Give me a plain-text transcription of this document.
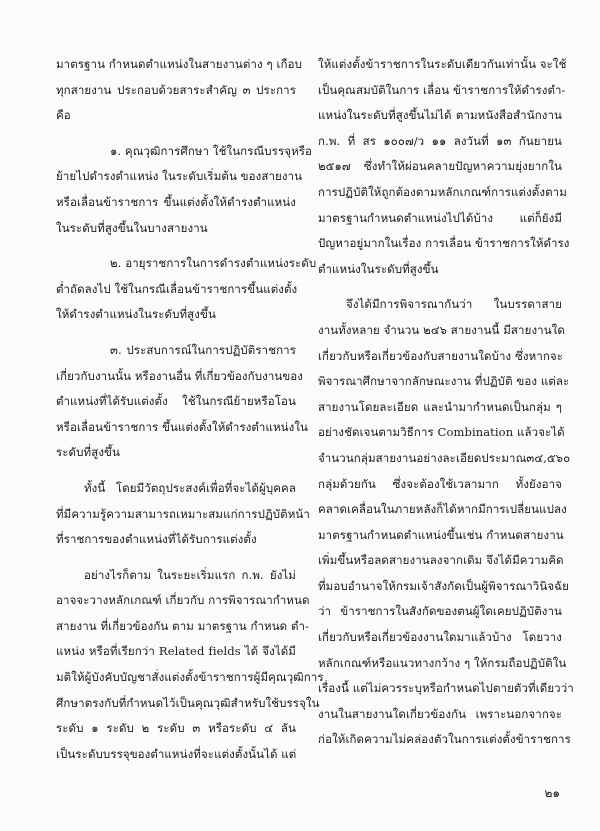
มาตรฐาน กำหนดตำแหน่งในสายงานต่าง ๆ เกือบ
ทุกสายงาน ประกอบด้วยสาระสำคัญ ๓ ประการ
คือ
๑. คุณวุฒิการศึกษา ใช้ในกรณีบรรจุหรือ
ย้ายไปดำรงตำแหน่ง ในระดับเริ่มต้น ของสายงาน
หรือเลื่อนข้าราชการ ขึ้นแต่งตั้งให้ดำรงตำแหน่ง
ในระดับที่สูงขึ้นในบางสายงาน
๒. อายุราชการในการดำรงตำแหน่งระดับ
ต่ำถัดลงไป ใช้ในกรณีเลื่อนข้าราชการขึ้นแต่งตั้ง
ให้ดำรงตำแหน่งในระดับที่สูงขึ้น
๓. ประสบการณ์ในการปฏิบัติราชการ
เกี่ยวกับงานนั้น หรืองานอื่น ที่เกี่ยวข้องกับงานของ
ตำแหน่งที่ได้รับแต่งตั้ง ใช้ในกรณีย้ายหรือโอน
หรือเลื่อนข้าราชการ ขึ้นแต่งตั้งให้ดำรงตำแหน่งใน
ระดับที่สูงขึ้น
ทั้งนี้ โดยมีวัตถุประสงค์เพื่อที่จะได้ผู้บุคคล
ที่มีความรู้ความสามารถเหมาะสมแก่การปฏิบัติหน้า
ที่ราชการของตำแหน่งที่ได้รับการแต่งตั้ง
อย่างไรก็ตาม ในระยะเริ่มแรก ก.พ. ยังไม่
อาจจะวางหลักเกณฑ์ เกี่ยวกับ การพิจารณากำหนด
สายงาน ที่เกี่ยวข้องกัน ตาม มาตรฐาน กำหนด ตำ-
แหน่ง หรือที่เรียกว่า Related fields ได้ จึงได้มี
มติให้ผู้บังคับบัญชาสั่งแต่งตั้งข้าราชการผู้มีคุณวุฒิการ
ศึกษาตรงกับที่กำหนดไว้เป็นคุณวุฒิสำหรับใช้บรรจุใน
ระดับ ๑ ระดับ ๒ ระดับ ๓ หรือระดับ ๔ ลัน
เป็นระดับบรรจุของตำแหน่งที่จะแต่งตั้งนั้นได้ แต่
ให้แต่งตั้งข้าราชการในระดับเดียวกันเท่านั้น จะใช้
เป็นคุณสมบัติในการ เลื่อน ข้าราชการให้ดำรงตำ-
แหน่งในระดับที่สูงขึ้นไม่ได้ ตามหนังสือสำนักงาน
ก.พ. ที่ สร ๑๐๐๗/ว ๑๑ ลงวันที่ ๑๓ กันยายน
๒๕๑๗ ซึ่งทำให้ผ่อนคลายปัญหาความยุ่งยากใน
การปฏิบัติให้ถูกต้องตามหลักเกณฑ์การแต่งตั้งตาม
มาตรฐานกำหนดตำแหน่งไปได้บ้าง แต่ก็ยังมี
ปัญหาอยู่มากในเรื่อง การเลื่อน ข้าราชการให้ดำรง
ตำแหน่งในระดับที่สูงขึ้น
จึงได้มีการพิจารณากันว่า ในบรรดาสาย
งานทั้งหลาย จำนวน ๒๔๖ สายงานนี้ มีสายงานใด
เกี่ยวกับหรือเกี่ยวข้องกับสายงานใดบ้าง ซึ่งหากจะ
พิจารณาศึกษาจากลักษณะงาน ที่ปฏิบัติ ของ แต่ละ
สายงานโดยละเอียด และนำมากำหนดเป็นกลุ่ม ๆ
อย่างชัดเจนตามวิธีการ Combination แล้วจะได้
จำนวนกลุ่มสายงานอย่างละเอียดประมาณ๓๔,๕๖๐
กลุ่มด้วยกัน ซึ่งจะต้องใช้เวลามาก ทั้งยังอาจ
คลาดเคลื่อนในภายหลังก็ได้หากมีการเปลี่ยนแปลง
มาตรฐานกำหนดตำแหน่งขึ้นเช่น กำหนดสายงาน
เพิ่มขึ้นหรือลดสายงานลงจากเดิม จึงได้มีความคิด
ที่มอบอำนาจให้กรมเจ้าสังกัดเป็นผู้พิจารณาวินิจฉัย
ว่า ข้าราชการในสังกัดของตนผู้ใดเคยปฏิบัติงาน
เกี่ยวกับหรือเกี่ยวข้องงานใดมาแล้วบ้าง โดยวาง
หลักเกณฑ์หรือแนวทางกว้าง ๆ ให้กรมถือปฏิบัติใน
เรื่องนี้ แต่ไม่ควรระบุหรือกำหนดไปตายตัวที่เดียวว่า
งานในสายงานใดเกี่ยวข้องกัน เพราะนอกจากจะ
ก่อให้เกิดความไม่คล่องตัวในการแต่งตั้งข้าราชการ
๒๑
